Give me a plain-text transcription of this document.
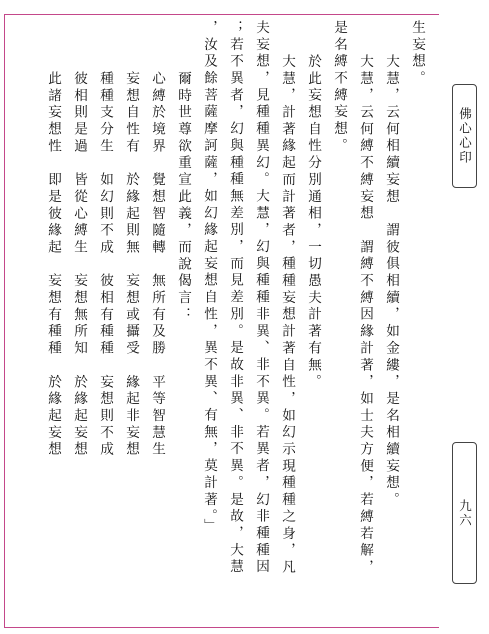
生妄想。
大慧，云何相續妄想　謂彼俱相續，如金縷，是名相續妄想。
大慧，云何縛不縛妄想　謂縛不縛因緣計著，如士夫方便，若縛若解，
是名縛不縛妄想。
於此妄想自性分別通相，一切愚夫計著有無。
大慧，計著緣起而計著者，種種妄想計著自性，如幻示現種種之身，凡
夫妄想，見種種異幻。大慧，幻與種種非異、非不異。若異者，幻非種種因
；若不異者，幻與種種無差別，而見差別。是故非異、非不異。是故，大慧
，汝及餘菩薩摩訶薩，如幻緣起妄想自性，異不異、有無，莫計著。」
爾時世尊欲重宣此義，而說偈言：
心縛於境界　覺想智隨轉　無所有及勝　平等智慧生
妄想自性有　於緣起則無　妄想或攝受　緣起非妄想
種種支分生　如幻則不成　彼相有種種　妄想則不成
彼相則是過　皆從心縛生　妄想無所知　於緣起妄想
此諸妄想性　即是彼緣起　妄想有種種　於緣起妄想	佛心心印
九六
